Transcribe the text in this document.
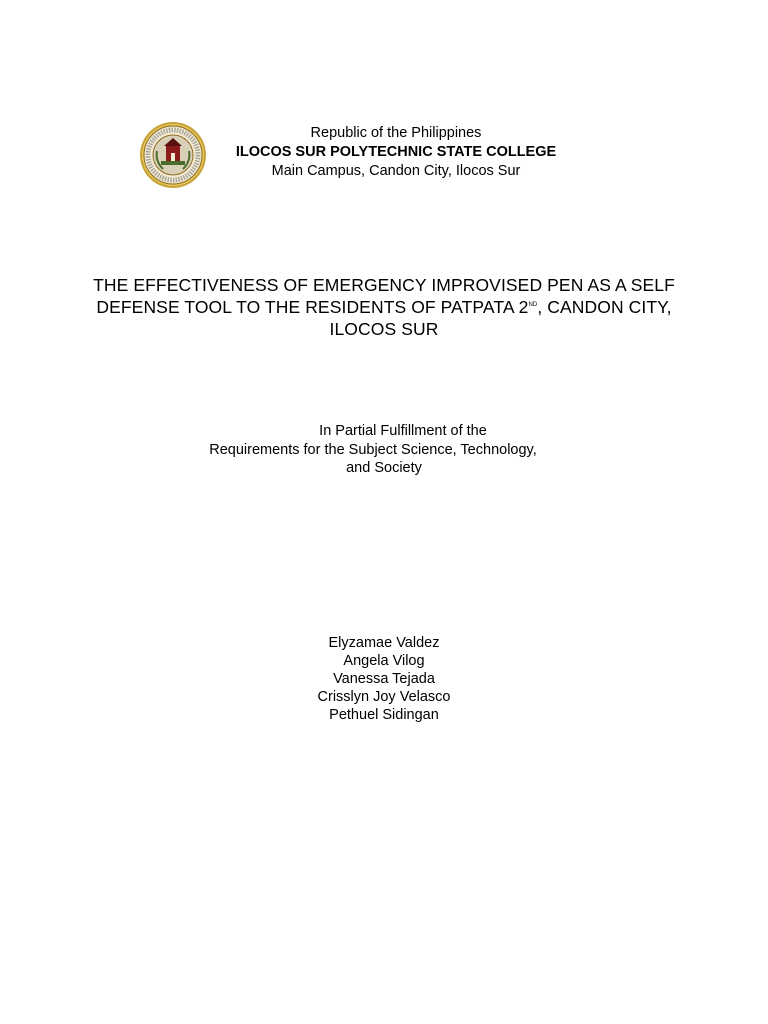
Republic of the Philippines
ILOCOS SUR POLYTECHNIC STATE COLLEGE
Main Campus, Candon City, Ilocos Sur
THE EFFECTIVENESS OF EMERGENCY IMPROVISED PEN AS A SELF
DEFENSE TOOL TO THE RESIDENTS OF PATPATA 2ND, CANDON CITY,
ILOCOS SUR
In Partial Fulfillment of the
Requirements for the Subject Science, Technology,
and Society
Elyzamae Valdez
Angela Vilog
Vanessa Tejada
Crisslyn Joy Velasco
Pethuel Sidingan
